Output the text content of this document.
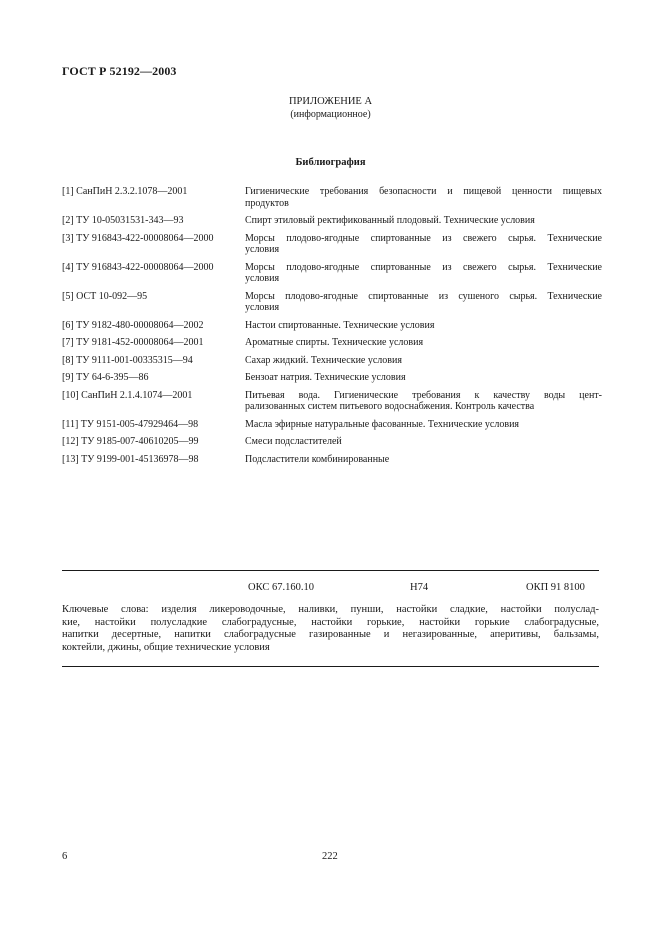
ГОСТ Р 52192—2003
ПРИЛОЖЕНИЕ А
(информационное)
Библиография
[1] СанПиН 2.3.2.1078—2001	Гигиенические требования безопасности и пищевой ценности пищевых
продуктов
[2] ТУ 10-05031531-343—93	Спирт этиловый ректификованный плодовый. Технические условия
[3] ТУ 916843-422-00008064—2000	Морсы плодово-ягодные спиртованные из свежего сырья. Технические
условия
[4] ТУ 916843-422-00008064—2000	Морсы плодово-ягодные спиртованные из свежего сырья. Технические
условия
[5] ОСТ 10-092—95	Морсы плодово-ягодные спиртованные из сушеного сырья. Технические
условия
[6] ТУ 9182-480-00008064—2002	Настои спиртованные. Технические условия
[7] ТУ 9181-452-00008064—2001	Ароматные спирты. Технические условия
[8] ТУ 9111-001-00335315—94	Сахар жидкий. Технические условия
[9] ТУ 64-6-395—86	Бензоат натрия. Технические условия
[10] СанПиН 2.1.4.1074—2001	Питьевая вода. Гигиенические требования к качеству воды цент-
рализованных систем питьевого водоснабжения. Контроль качества
[11] ТУ 9151-005-47929464—98	Масла эфирные натуральные фасованные. Технические условия
[12] ТУ 9185-007-40610205—99	Смеси подсластителей
[13] ТУ 9199-001-45136978—98	Подсластители комбинированные
ОКС 67.160.10	Н74	ОКП 91 8100
Ключевые слова: изделия ликероводочные, наливки, пунши, настойки сладкие, настойки полуслад-
кие, настойки полусладкие слабоградусные, настойки горькие, настойки горькие слабоградусные,
напитки десертные, напитки слабоградусные газированные и негазированные, аперитивы, бальзамы,
коктейли, джины, общие технические условия
6	222
